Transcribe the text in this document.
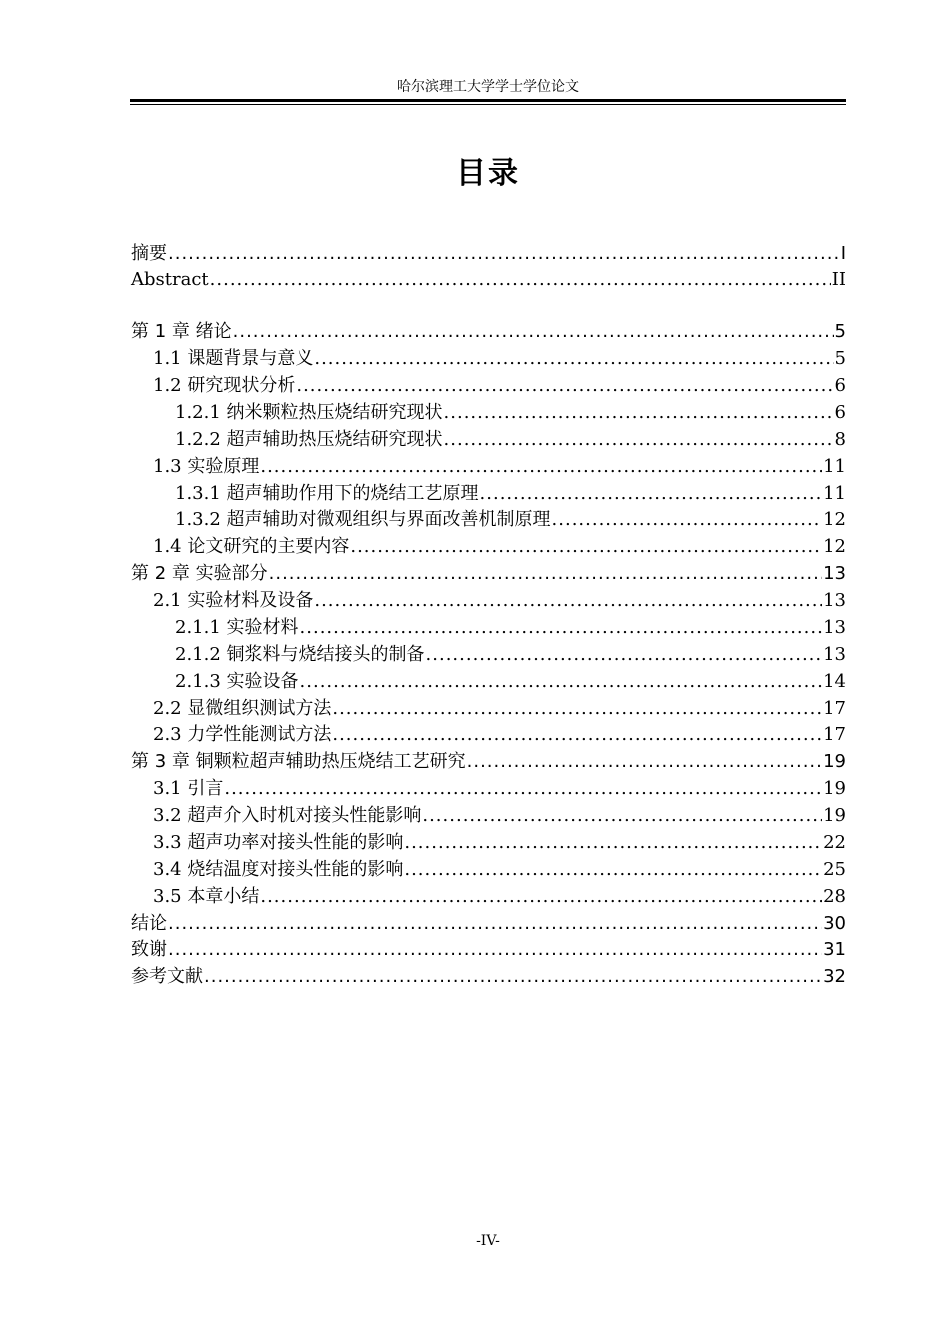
哈尔滨理工大学学士学位论文
目录
摘要 .....	I
Abstract .....	II
第 1 章 绪论 .....	5
1.1 课题背景与意义 .....	5
1.2 研究现状分析 .....	6
1.2.1 纳米颗粒热压烧结研究现状 .....	6
1.2.2 超声辅助热压烧结研究现状 .....	8
1.3 实验原理 .....	11
1.3.1 超声辅助作用下的烧结工艺原理 .....	11
1.3.2 超声辅助对微观组织与界面改善机制原理 .....	12
1.4 论文研究的主要内容 .....	12
第 2 章 实验部分 .....	13
2.1 实验材料及设备 .....	13
2.1.1 实验材料 .....	13
2.1.2 铜浆料与烧结接头的制备 .....	13
2.1.3 实验设备 .....	14
2.2 显微组织测试方法 .....	17
2.3 力学性能测试方法 .....	17
第 3 章 铜颗粒超声辅助热压烧结工艺研究 .....	19
3.1 引言 .....	19
3.2 超声介入时机对接头性能影响 .....	19
3.3 超声功率对接头性能的影响 .....	22
3.4 烧结温度对接头性能的影响 .....	25
3.5 本章小结 .....	28
结论 .....	30
致谢 .....	31
参考文献 .....	32
-IV-
